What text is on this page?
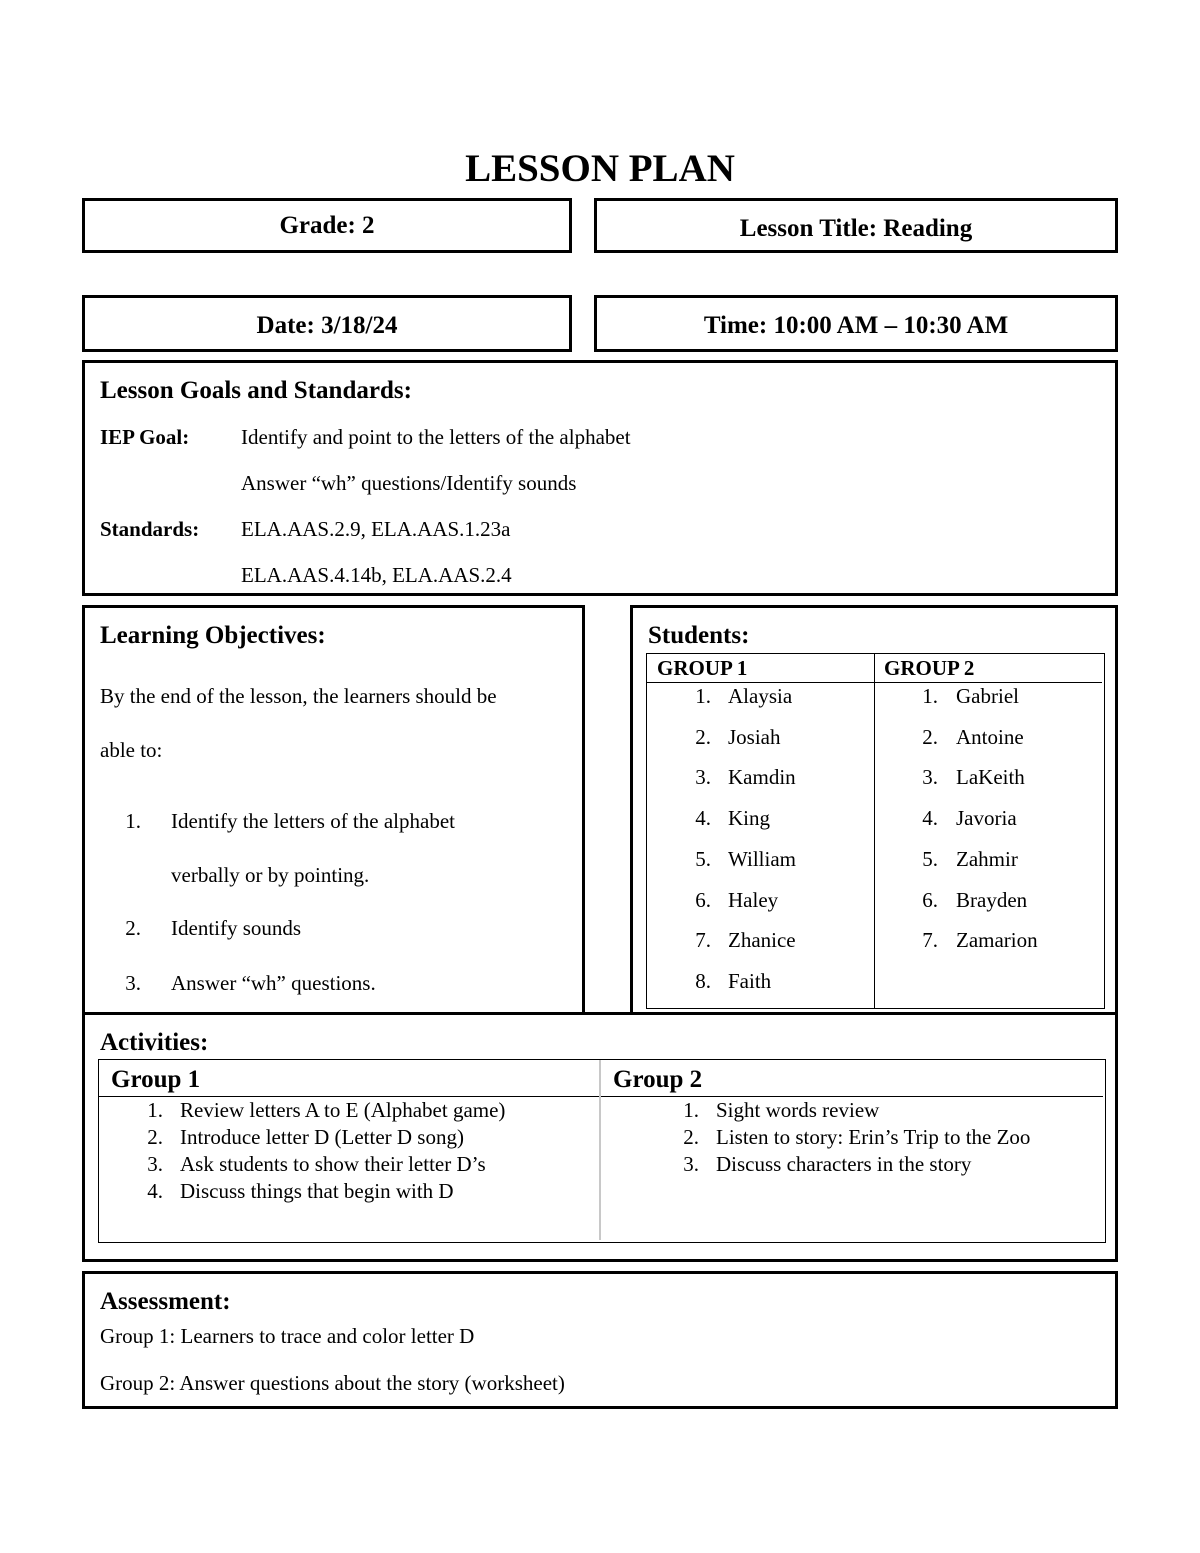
LESSON PLAN
Grade: 2	Lesson Title: Reading
Date: 3/18/24	Time: 10:00 AM – 10:30 AM
Lesson Goals and Standards:
IEP Goal: Identify and point to the letters of the alphabet
Answer “wh” questions/Identify sounds
Standards: ELA.AAS.2.9, ELA.AAS.1.23a
ELA.AAS.4.14b, ELA.AAS.2.4
Learning Objectives:
By the end of the lesson, the learners should be
able to:
1. Identify the letters of the alphabet
verbally or by pointing.
2. Identify sounds
3. Answer “wh” questions.
Students:
GROUP 1
1. Alaysia
2. Josiah
3. Kamdin
4. King
5. William
6. Haley
7. Zhanice
8. Faith
GROUP 2
1. Gabriel
2. Antoine
3. LaKeith
4. Javoria
5. Zahmir
6. Brayden
7. Zamarion
Activities:
Group 1
1. Review letters A to E (Alphabet game)
2. Introduce letter D (Letter D song)
3. Ask students to show their letter D’s
4. Discuss things that begin with D
Group 2
1. Sight words review
2. Listen to story: Erin’s Trip to the Zoo
3. Discuss characters in the story
Assessment:
Group 1: Learners to trace and color letter D
Group 2: Answer questions about the story (worksheet)
